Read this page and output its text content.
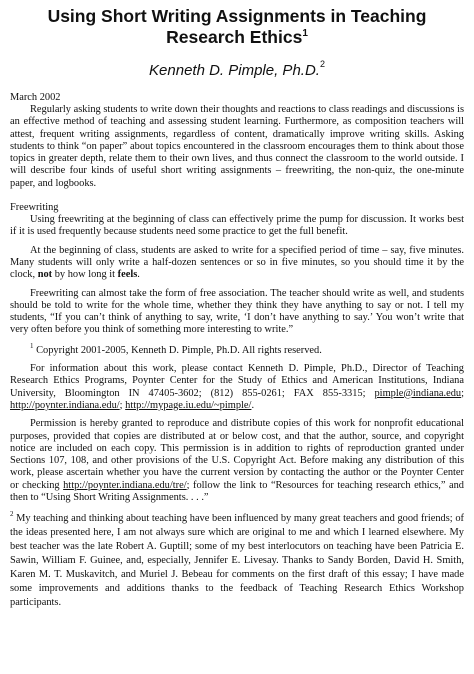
Using Short Writing Assignments in Teaching
Research Ethics$^1$
Kenneth D. Pimple, Ph.D.$^2$
March 2002

Regularly asking students to write down their thoughts and reactions to class readings and discussions is an effective method of teaching and assessing student learning. Furthermore, as composition teachers will attest, frequent writing assignments, regardless of content, dramatically improve writing skills. Asking students to think “on paper” about topics encountered in the classroom encourages them to think about those topics in greater depth, relate them to their own lives, and thus connect the classroom to the world outside. I will describe four kinds of useful short writing assignments – freewriting, the non-quiz, the one-minute paper, and logbooks.

Freewriting

Using freewriting at the beginning of class can effectively prime the pump for discussion. It works best if it is used frequently because students need some practice to get the full benefit.

At the beginning of class, students are asked to write for a specified period of time – say, five minutes. Many students will only write a half-dozen sentences or so in five minutes, so you should time it by the clock, not by how long it feels.

Freewriting can almost take the form of free association. The teacher should write as well, and students should be told to write for the whole time, whether they think they have anything to say or not. I tell my students, “If you can’t think of anything to say, write, ‘I don’t have anything to say.’ You won’t write that very often before you think of something more interesting to write.”

$^1$ Copyright 2001-2005, Kenneth D. Pimple, Ph.D. All rights reserved.

For information about this work, please contact Kenneth D. Pimple, Ph.D., Director of Teaching Research Ethics Programs, Poynter Center for the Study of Ethics and American Institutions, Indiana University, Bloomington IN 47405-3602; (812) 855-0261; FAX 855-3315; pimple@indiana.edu; http://poynter.indiana.edu/; http://mypage.iu.edu/~pimple/.

Permission is hereby granted to reproduce and distribute copies of this work for nonprofit educational purposes, provided that copies are distributed at or below cost, and that the author, source, and copyright notice are included on each copy. This permission is in addition to rights of reproduction granted under Sections 107, 108, and other provisions of the U.S. Copyright Act. Before making any distribution of this work, please ascertain whether you have the current version by contacting the author or the Poynter Center or checking http://poynter.indiana.edu/tre/; follow the link to “Resources for teaching research ethics,” and then to “Using Short Writing Assignments. . . .”

$^2$ My teaching and thinking about teaching have been influenced by many great teachers and good friends; of the ideas presented here, I am not always sure which are original to me and which I learned elsewhere. My best teacher was the late Robert A. Guptill; some of my best interlocutors on teaching have been Patricia E. Sawin, William F. Guinee, and, especially, Jennifer E. Livesay. Thanks to Sandy Borden, David H. Smith, Karen M. T. Muskavitch, and Muriel J. Bebeau for comments on the first draft of this essay; I have made some improvements and additions thanks to the feedback of Teaching Research Ethics Workshop participants.
